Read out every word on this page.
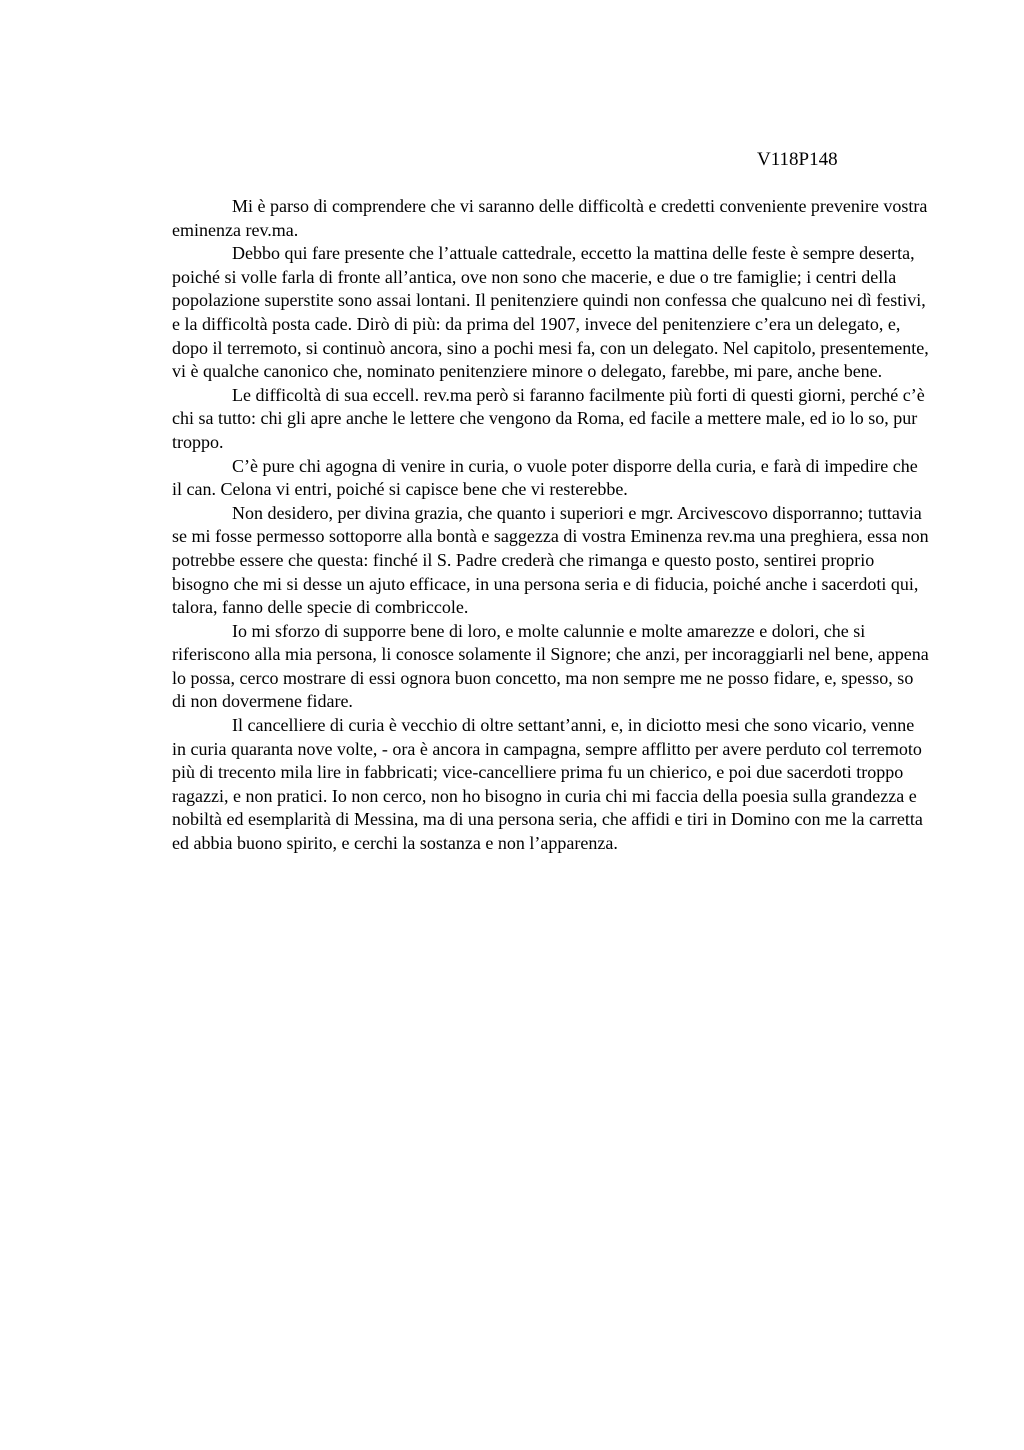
V118P148

Mi è parso di comprendere che vi saranno delle difficoltà e credetti conveniente prevenire vostra eminenza rev.ma.

Debbo qui fare presente che l’attuale cattedrale, eccetto la mattina delle feste è sempre deserta, poiché si volle farla di fronte all’antica, ove non sono che macerie, e due o tre famiglie; i centri della popolazione superstite sono assai lontani. Il penitenziere quindi non confessa che qualcuno nei dì festivi, e la difficoltà posta cade. Dirò di più: da prima del 1907, invece del penitenziere c’era un delegato, e, dopo il terremoto, si continuò ancora, sino a pochi mesi fa, con un delegato. Nel capitolo, presentemente, vi è qualche canonico che, nominato penitenziere minore o delegato, farebbe, mi pare, anche bene.

Le difficoltà di sua eccell. rev.ma però si faranno facilmente più forti di questi giorni, perché c’è chi sa tutto: chi gli apre anche le lettere che vengono da Roma, ed facile a mettere male, ed io lo so, pur troppo.

C’è pure chi agogna di venire in curia, o vuole poter disporre della curia, e farà di impedire che il can. Celona vi entri, poiché si capisce bene che vi resterebbe.

Non desidero, per divina grazia, che quanto i superiori e mgr. Arcivescovo disporranno; tuttavia se mi fosse permesso sottoporre alla bontà e saggezza di vostra Eminenza rev.ma una preghiera, essa non potrebbe essere che questa: finché il S. Padre crederà che rimanga e questo posto, sentirei proprio bisogno che mi si desse un ajuto efficace, in una persona seria e di fiducia, poiché anche i sacerdoti qui, talora, fanno delle specie di combriccole.

Io mi sforzo di supporre bene di loro, e molte calunnie e molte amarezze e dolori, che si riferiscono alla mia persona, li conosce solamente il Signore; che anzi, per incoraggiarli nel bene, appena lo possa, cerco mostrare di essi ognora buon concetto, ma non sempre me ne posso fidare, e, spesso, so di non dovermene fidare.

Il cancelliere di curia è vecchio di oltre settant’anni, e, in diciotto mesi che sono vicario, venne in curia quaranta nove volte, - ora è ancora in campagna, sempre afflitto per avere perduto col terremoto più di trecento mila lire in fabbricati; vice-cancelliere prima fu un chierico, e poi due sacerdoti troppo ragazzi, e non pratici. Io non cerco, non ho bisogno in curia chi mi faccia della poesia sulla grandezza e nobiltà ed esemplarità di Messina, ma di una persona seria, che affidi e tiri in Domino con me la carretta ed abbia buono spirito, e cerchi la sostanza e non l’apparenza.
